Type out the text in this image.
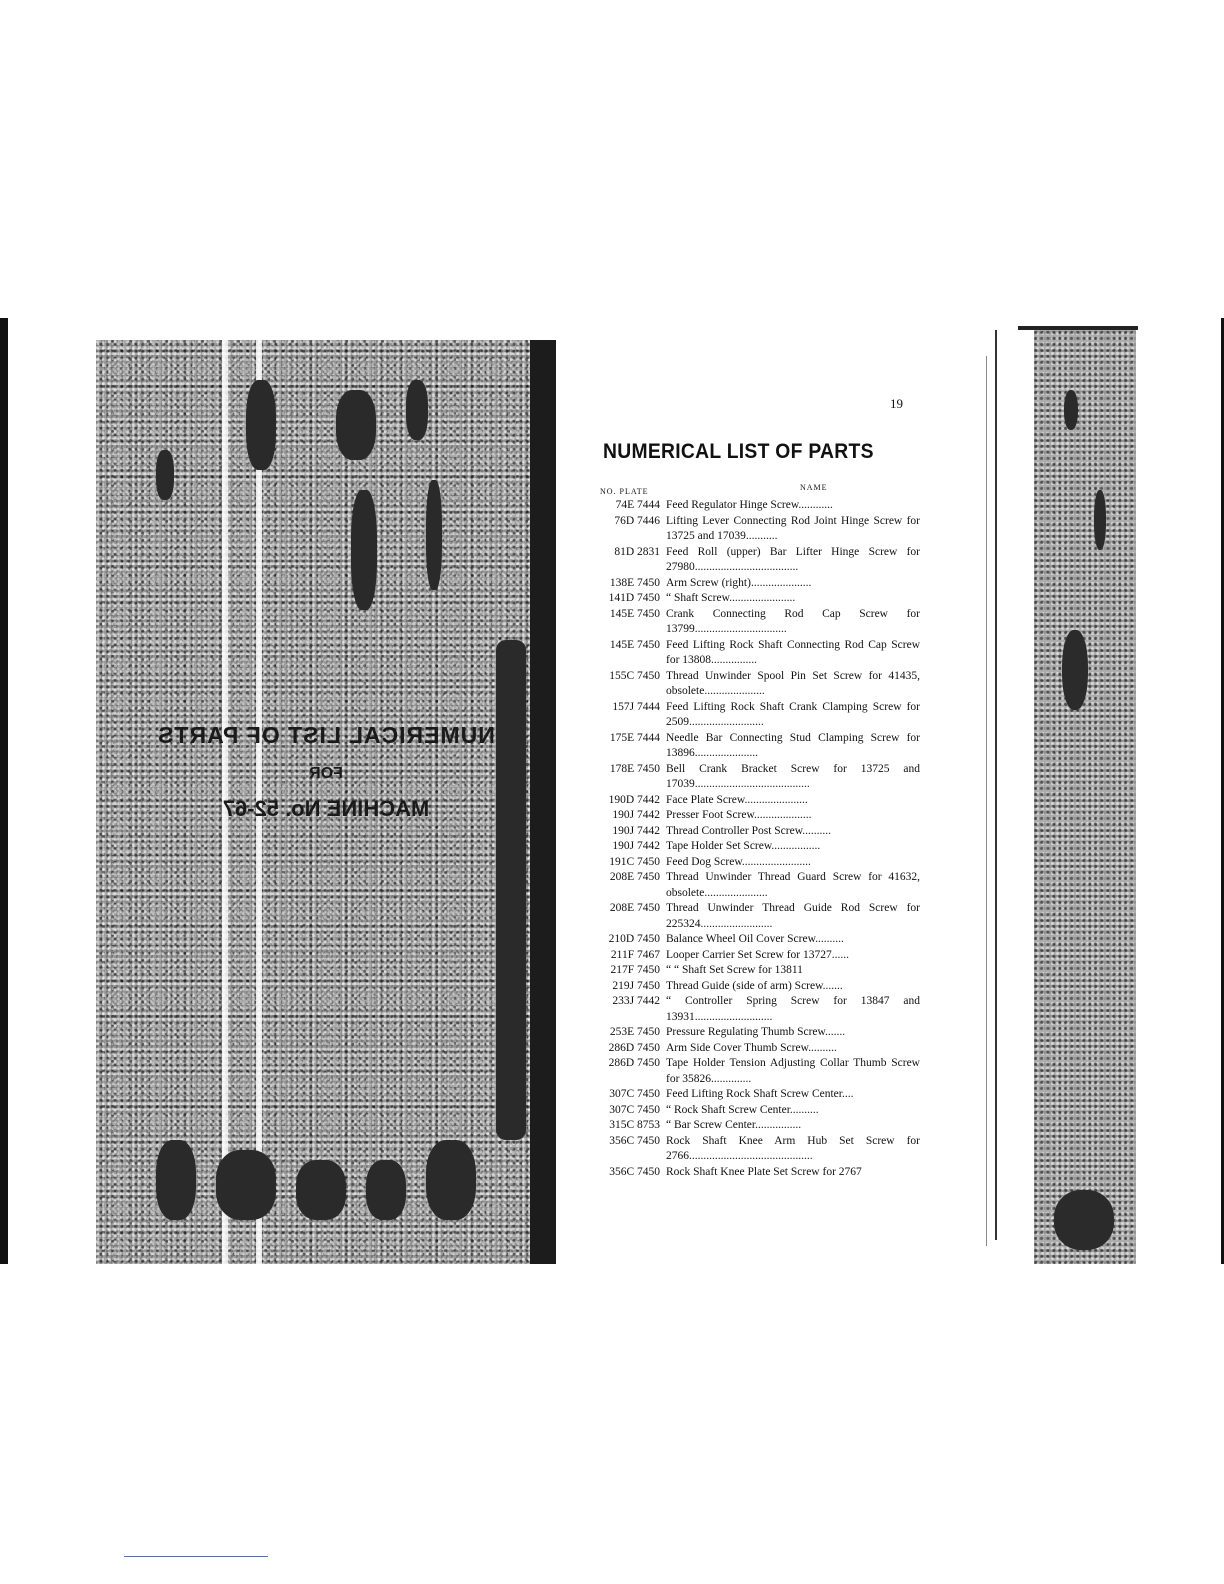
NUMERICAL LIST OF PARTS
FOR
MACHINE No. 52-67
19
NUMERICAL LIST OF PARTS
NO. PLATE	NAME
74E 7444 Feed Regulator Hinge Screw............
76D 7446 Lifting Lever Connecting Rod Joint Hinge Screw for 13725 and 17039...........
81D 2831 Feed Roll (upper) Bar Lifter Hinge Screw for 27980....................................
138E 7450 Arm Screw (right).....................
141D 7450 “ Shaft Screw.......................
145E 7450 Crank Connecting Rod Cap Screw for 13799................................
145E 7450 Feed Lifting Rock Shaft Connecting Rod Cap Screw for 13808................
155C 7450 Thread Unwinder Spool Pin Set Screw for 41435, obsolete.....................
157J 7444 Feed Lifting Rock Shaft Crank Clamping Screw for 2509..........................
175E 7444 Needle Bar Connecting Stud Clamping Screw for 13896......................
178E 7450 Bell Crank Bracket Screw for 13725 and 17039........................................
190D 7442 Face Plate Screw......................
190J 7442 Presser Foot Screw....................
190J 7442 Thread Controller Post Screw..........
190J 7442 Tape Holder Set Screw.................
191C 7450 Feed Dog Screw........................
208E 7450 Thread Unwinder Thread Guard Screw for 41632, obsolete......................
208E 7450 Thread Unwinder Thread Guide Rod Screw for 225324.........................
210D 7450 Balance Wheel Oil Cover Screw..........
211F 7467 Looper Carrier Set Screw for 13727......
217F 7450 “ “ Shaft Set Screw for 13811
219J 7450 Thread Guide (side of arm) Screw.......
233J 7442 “ Controller Spring Screw for 13847 and 13931...........................
253E 7450 Pressure Regulating Thumb Screw.......
286D 7450 Arm Side Cover Thumb Screw..........
286D 7450 Tape Holder Tension Adjusting Collar Thumb Screw for 35826..............
307C 7450 Feed Lifting Rock Shaft Screw Center....
307C 7450 “ Rock Shaft Screw Center..........
315C 8753 “ Bar Screw Center................
356C 7450 Rock Shaft Knee Arm Hub Set Screw for 2766...........................................
356C 7450 Rock Shaft Knee Plate Set Screw for 2767
